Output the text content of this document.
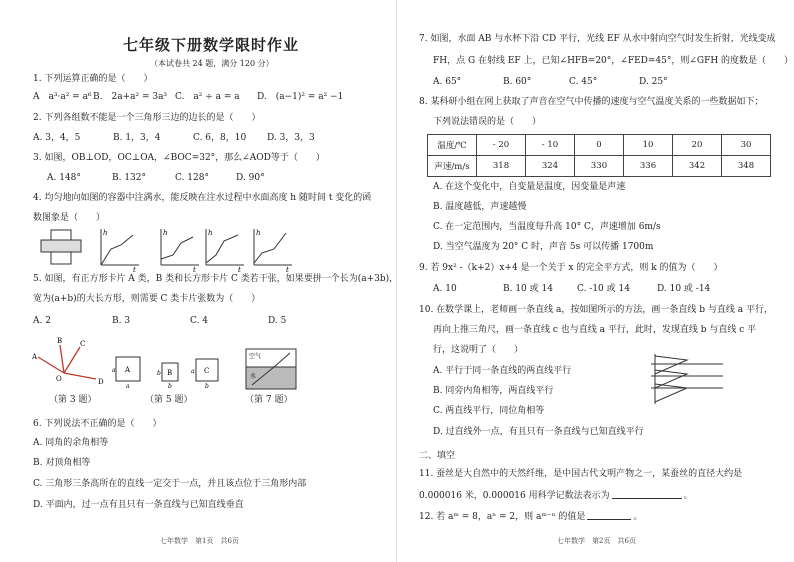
七年级下册数学限时作业
（本试卷共 24 题，满分 120 分）
1. 下列运算正确的是（　　）
A　a³·a² = a⁶ B.　2a+a² = 3a³ C.　a² ÷ a = a D.　(a−1)² = a² −1
2. 下列各组数不能是一个三角形三边的边长的是（　　）
A. 3，4，5	B. 1，3，4	C. 6，8，10 D. 3，3，3
3. 如图，OB⊥OD，OC⊥OA，∠BOC=32°，那么∠AOD等于（　　）
A. 148°	B. 132°	C. 128°	D. 90°
4. 均匀地向如图的容器中注满水，能反映在注水过程中水面高度 h 随时间 t 变化的函
数图象是（　　）
h
t
h
t
h
t
h
t
5. 如图，有正方形卡片 A 类，B 类和长方形卡片 C 类若干张，如果要拼一个长为(a+3b)，
宽为(a+b)的大长方形，则需要 C 类卡片张数为（　　）
A. 2	B. 3	C. 4	D. 5
A
B	C
O	D
A	B	C
a	b	a
a	b	b
空气
水
（第 3 题）	（第 5 题）	（第 7 题）
6. 下列说法不正确的是（　　）
A. 同角的余角相等
B. 对顶角相等
C. 三角形三条高所在的直线一定交于一点，并且该点位于三角形内部
D. 平面内，过一点有且只有一条直线与已知直线垂直
七年数学　第1页　共6页
7. 如图，水面 AB 与水杯下沿 CD 平行，光线 EF 从水中射向空气时发生折射，光线变成
FH，点 G 在射线 EF 上，已知∠HFB=20°，∠FED=45°，则∠GFH 的度数是（　　）
A. 65°	B. 60°	C. 45°	D. 25°
8. 某科研小组在网上获取了声音在空气中传播的速度与空气温度关系的一些数据如下；
下列说法错误的是（　　）
温度/℃	- 20	- 10	0	10	20	30
声速/m/s	318	324	330	336	342	348
A. 在这个变化中，自变量是温度，因变量是声速
B. 温度越低，声速越慢
C. 在一定范围内，当温度每升高 10° C，声速增加 6m/s
D. 当空气温度为 20° C 时，声音 5s 可以传播 1700m
9. 若 9x² -（k+2）x+4 是一个关于 x 的完全平方式，则 k 的值为（　　）
A. 10	B. 10 或 14	C. -10 或 14	D. 10 或 -14
10. 在数学课上，老师画一条直线 a，按如图所示的方法，画一条直线 b 与直线 a 平行，
再向上推三角尺，画一条直线 c 也与直线 a 平行，此时，发现直线 b 与直线 c 平
行，这说明了（　　）
A. 平行于同一条直线的两直线平行
B. 同旁内角相等，两直线平行
C. 两直线平行，同位角相等
D. 过直线外一点，有且只有一条直线与已知直线平行
二、填空
11. 蚕丝是大自然中的天然纤维，是中国古代文明产物之一，某蚕丝的直径大约是
0.000016 米，0.000016 用科学记数法表示为	。
12. 若 aᵐ = 8，aⁿ = 2，则 aᵐ⁻ⁿ 的值是	。
七年数学　第2页　共6页
